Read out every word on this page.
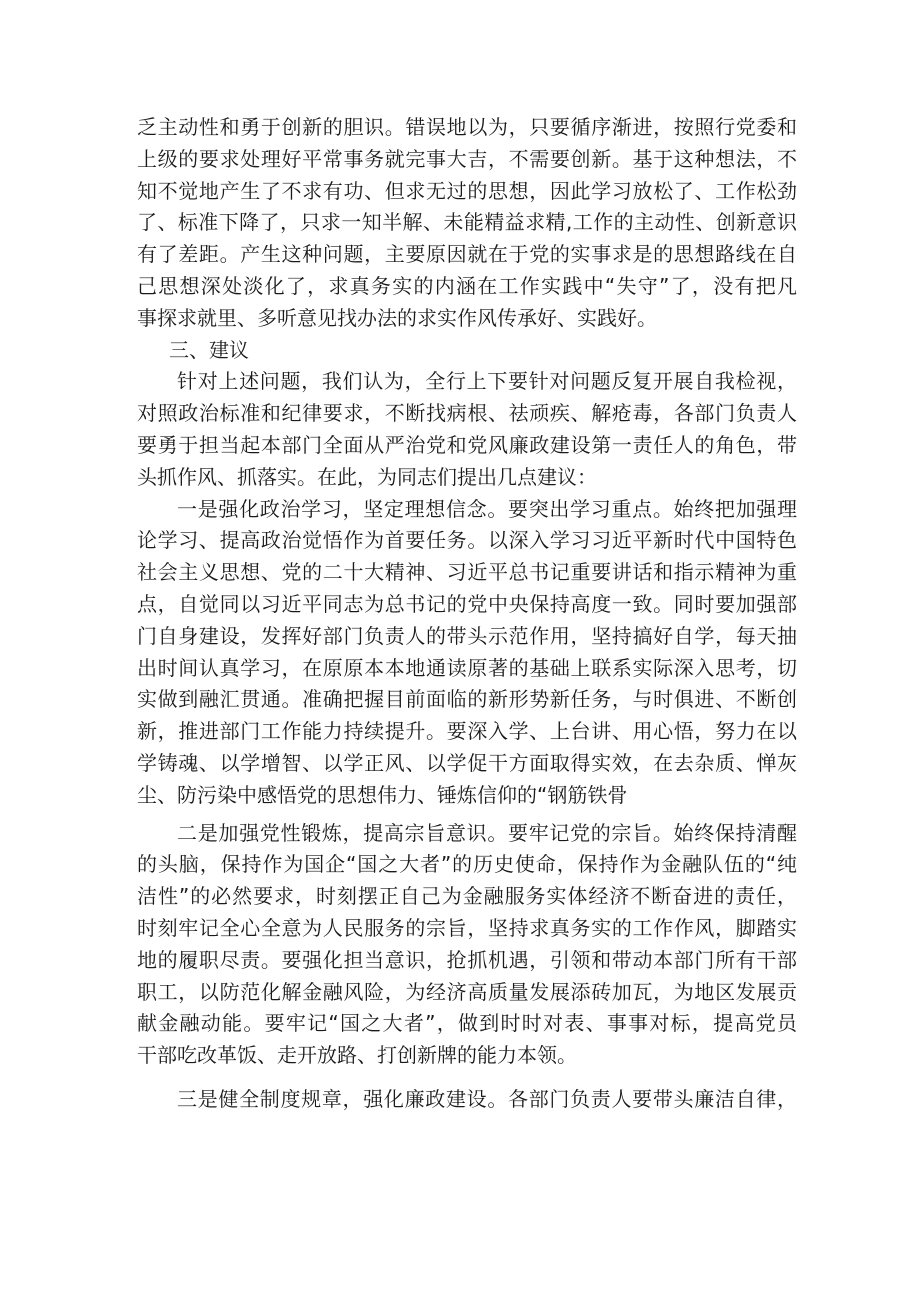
乏主动性和勇于创新的胆识。错误地以为，只要循序渐进，按照行党委和
上级的要求处理好平常事务就完事大吉，不需要创新。基于这种想法，不
知不觉地产生了不求有功、但求无过的思想，因此学习放松了、工作松劲
了、标准下降了，只求一知半解、未能精益求精,工作的主动性、创新意识
有了差距。产生这种问题，主要原因就在于党的实事求是的思想路线在自
己思想深处淡化了，求真务实的内涵在工作实践中“失守”了，没有把凡
事探求就里、多听意见找办法的求实作风传承好、实践好。
三、建议
针对上述问题，我们认为，全行上下要针对问题反复开展自我检视，
对照政治标准和纪律要求，不断找病根、祛顽疾、解疮毒，各部门负责人
要勇于担当起本部门全面从严治党和党风廉政建设第一责任人的角色，带
头抓作风、抓落实。在此，为同志们提出几点建议：
一是强化政治学习，坚定理想信念。要突出学习重点。始终把加强理
论学习、提高政治觉悟作为首要任务。以深入学习习近平新时代中国特色
社会主义思想、党的二十大精神、习近平总书记重要讲话和指示精神为重
点，自觉同以习近平同志为总书记的党中央保持高度一致。同时要加强部
门自身建设，发挥好部门负责人的带头示范作用，坚持搞好自学，每天抽
出时间认真学习，在原原本本地通读原著的基础上联系实际深入思考，切
实做到融汇贯通。准确把握目前面临的新形势新任务，与时俱进、不断创
新，推进部门工作能力持续提升。要深入学、上台讲、用心悟，努力在以
学铸魂、以学增智、以学正风、以学促干方面取得实效，在去杂质、惮灰
尘、防污染中感悟党的思想伟力、锤炼信仰的“钢筋铁骨
二是加强党性锻炼，提高宗旨意识。要牢记党的宗旨。始终保持清醒
的头脑，保持作为国企“国之大者”的历史使命，保持作为金融队伍的“纯
洁性”的必然要求，时刻摆正自己为金融服务实体经济不断奋进的责任，
时刻牢记全心全意为人民服务的宗旨，坚持求真务实的工作作风，脚踏实
地的履职尽责。要强化担当意识，抢抓机遇，引领和带动本部门所有干部
职工，以防范化解金融风险，为经济高质量发展添砖加瓦，为地区发展贡
献金融动能。要牢记“国之大者”，做到时时对表、事事对标，提高党员
干部吃改革饭、走开放路、打创新牌的能力本领。
三是健全制度规章，强化廉政建设。各部门负责人要带头廉洁自律，
